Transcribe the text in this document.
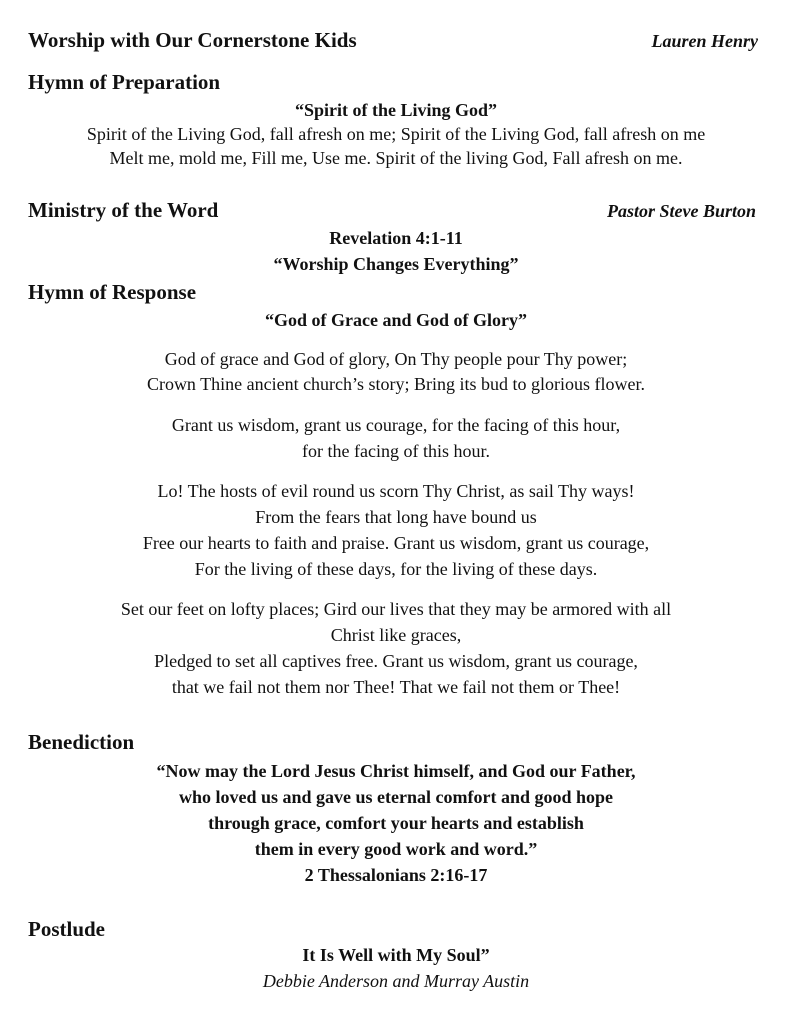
Worship with Our Cornerstone Kids	Lauren Henry
Hymn of Preparation
“Spirit of the Living God”
Spirit of the Living God, fall afresh on me; Spirit of the Living God, fall afresh on me
Melt me, mold me, Fill me, Use me. Spirit of the living God, Fall afresh on me.
Ministry of the Word	Pastor Steve Burton
Revelation 4:1-11
“Worship Changes Everything”
Hymn of Response
“God of Grace and God of Glory”
God of grace and God of glory, On Thy people pour Thy power;
Crown Thine ancient church’s story; Bring its bud to glorious flower.
Grant us wisdom, grant us courage, for the facing of this hour,
for the facing of this hour.
Lo! The hosts of evil round us scorn Thy Christ, as sail Thy ways!
From the fears that long have bound us
Free our hearts to faith and praise. Grant us wisdom, grant us courage,
For the living of these days, for the living of these days.
Set our feet on lofty places; Gird our lives that they may be armored with all
Christ like graces,
Pledged to set all captives free. Grant us wisdom, grant us courage,
that we fail not them nor Thee! That we fail not them or Thee!
Benediction
“Now may the Lord Jesus Christ himself, and God our Father,
who loved us and gave us eternal comfort and good hope
through grace, comfort your hearts and establish
them in every good work and word.”
2 Thessalonians 2:16-17
Postlude
It Is Well with My Soul”
Debbie Anderson and Murray Austin
